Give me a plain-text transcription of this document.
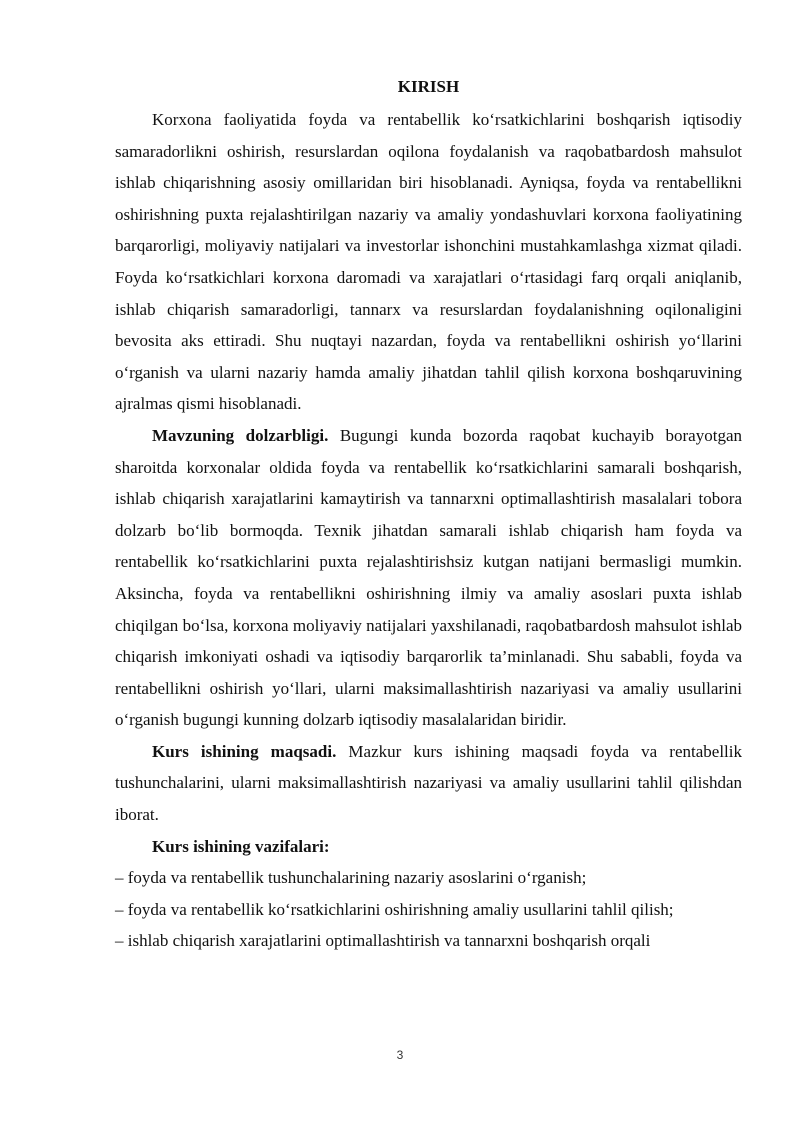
KIRISH

Korxona faoliyatida foyda va rentabellik ko‘rsatkichlarini boshqarish iqtisodiy samaradorlikni oshirish, resurslardan oqilona foydalanish va raqobatbardosh mahsulot ishlab chiqarishning asosiy omillaridan biri hisoblanadi. Ayniqsa, foyda va rentabellikni oshirishning puxta rejalashtirilgan nazariy va amaliy yondashuvlari korxona faoliyatining barqarorligi, moliyaviy natijalari va investorlar ishonchini mustahkamlashga xizmat qiladi. Foyda ko‘rsatkichlari korxona daromadi va xarajatlari o‘rtasidagi farq orqali aniqlanib, ishlab chiqarish samaradorligi, tannarx va resurslardan foydalanishning oqilonaligini bevosita aks ettiradi. Shu nuqtayi nazardan, foyda va rentabellikni oshirish yo‘llarini o‘rganish va ularni nazariy hamda amaliy jihatdan tahlil qilish korxona boshqaruvining ajralmas qismi hisoblanadi.

Mavzuning dolzarbligi. Bugungi kunda bozorda raqobat kuchayib borayotgan sharoitda korxonalar oldida foyda va rentabellik ko‘rsatkichlarini samarali boshqarish, ishlab chiqarish xarajatlarini kamaytirish va tannarxni optimallashtirish masalalari tobora dolzarb bo‘lib bormoqda. Texnik jihatdan samarali ishlab chiqarish ham foyda va rentabellik ko‘rsatkichlarini puxta rejalashtirishsiz kutgan natijani bermasligi mumkin. Aksincha, foyda va rentabellikni oshirishning ilmiy va amaliy asoslari puxta ishlab chiqilgan bo‘lsa, korxona moliyaviy natijalari yaxshilanadi, raqobatbardosh mahsulot ishlab chiqarish imkoniyati oshadi va iqtisodiy barqarorlik ta’minlanadi. Shu sababli, foyda va rentabellikni oshirish yo‘llari, ularni maksimallashtirish nazariyasi va amaliy usullarini o‘rganish bugungi kunning dolzarb iqtisodiy masalalaridan biridir.

Kurs ishining maqsadi. Mazkur kurs ishining maqsadi foyda va rentabellik tushunchalarini, ularni maksimallashtirish nazariyasi va amaliy usullarini tahlil qilishdan iborat.

Kurs ishining vazifalari:

– foyda va rentabellik tushunchalarining nazariy asoslarini o‘rganish;

– foyda va rentabellik ko‘rsatkichlarini oshirishning amaliy usullarini tahlil qilish;

– ishlab chiqarish xarajatlarini optimallashtirish va tannarxni boshqarish orqali

3
